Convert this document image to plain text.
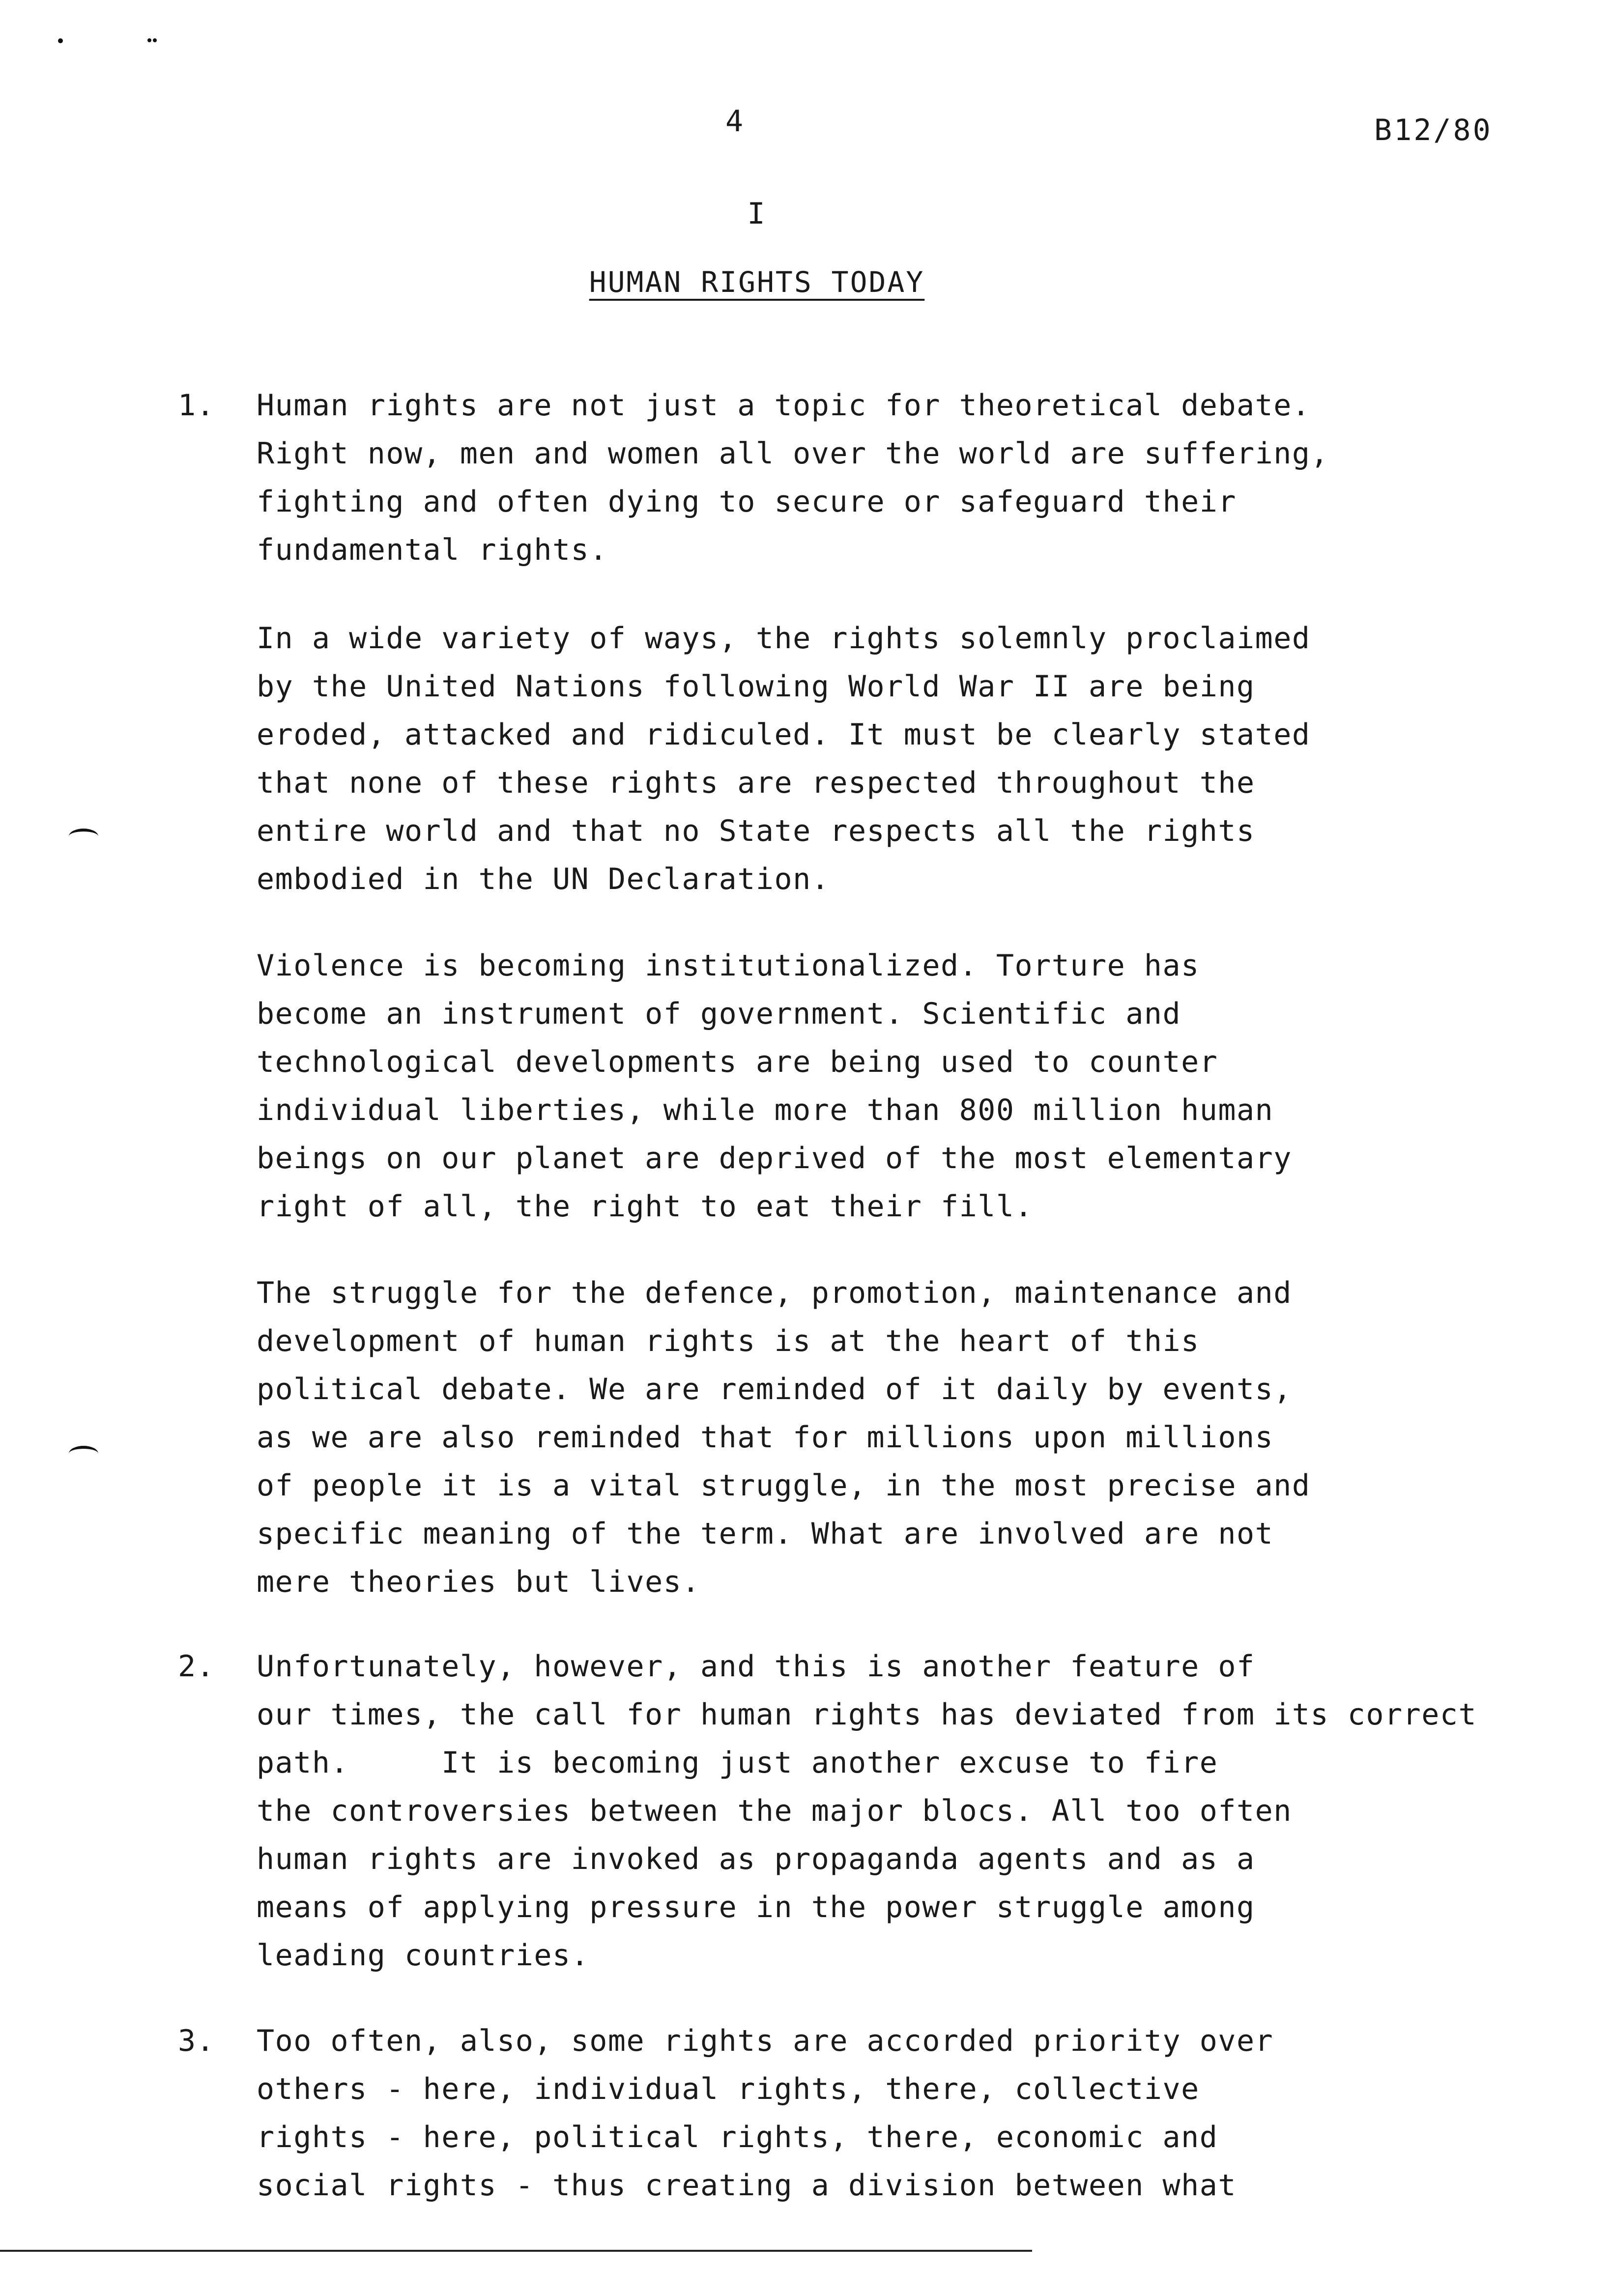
4	B12/80
I
HUMAN RIGHTS TODAY
1. Human rights are not just a topic for theoretical debate.
Right now, men and women all over the world are suffering,
fighting and often dying to secure or safeguard their
fundamental rights.
In a wide variety of ways, the rights solemnly proclaimed
by the United Nations following World War II are being
eroded, attacked and ridiculed. It must be clearly stated
that none of these rights are respected throughout the
entire world and that no State respects all the rights
embodied in the UN Declaration.
Violence is becoming institutionalized. Torture has
become an instrument of government. Scientific and
technological developments are being used to counter
individual liberties, while more than 800 million human
beings on our planet are deprived of the most elementary
right of all, the right to eat their fill.
The struggle for the defence, promotion, maintenance and
development of human rights is at the heart of this
political debate. We are reminded of it daily by events,
as we are also reminded that for millions upon millions
of people it is a vital struggle, in the most precise and
specific meaning of the term. What are involved are not
mere theories but lives.
2. Unfortunately, however, and this is another feature of
our times, the call for human rights has deviated from its correct
path.     It is becoming just another excuse to fire
the controversies between the major blocs. All too often
human rights are invoked as propaganda agents and as a
means of applying pressure in the power struggle among
leading countries.
3. Too often, also, some rights are accorded priority over
others - here, individual rights, there, collective
rights - here, political rights, there, economic and
social rights - thus creating a division between what
